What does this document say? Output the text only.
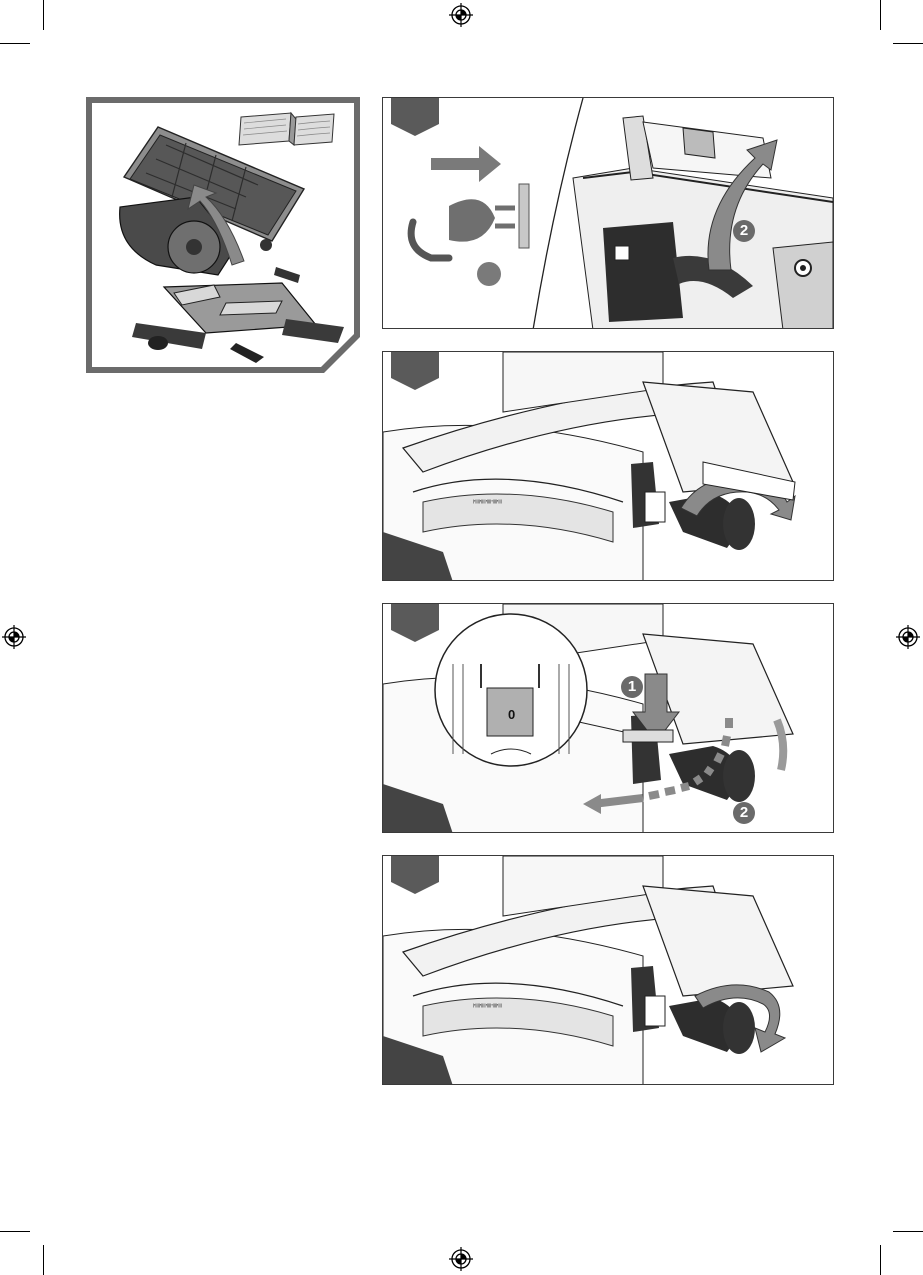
2
ˡ'ˡˡˡˡ'ˡˡˡˡ'ˡˡˡˡ'ˡˡˡˡ'ˡˡˡ
0
1
2
ˡ'ˡˡˡˡ'ˡˡˡˡ'ˡˡˡˡ'ˡˡˡˡ'ˡˡˡ
